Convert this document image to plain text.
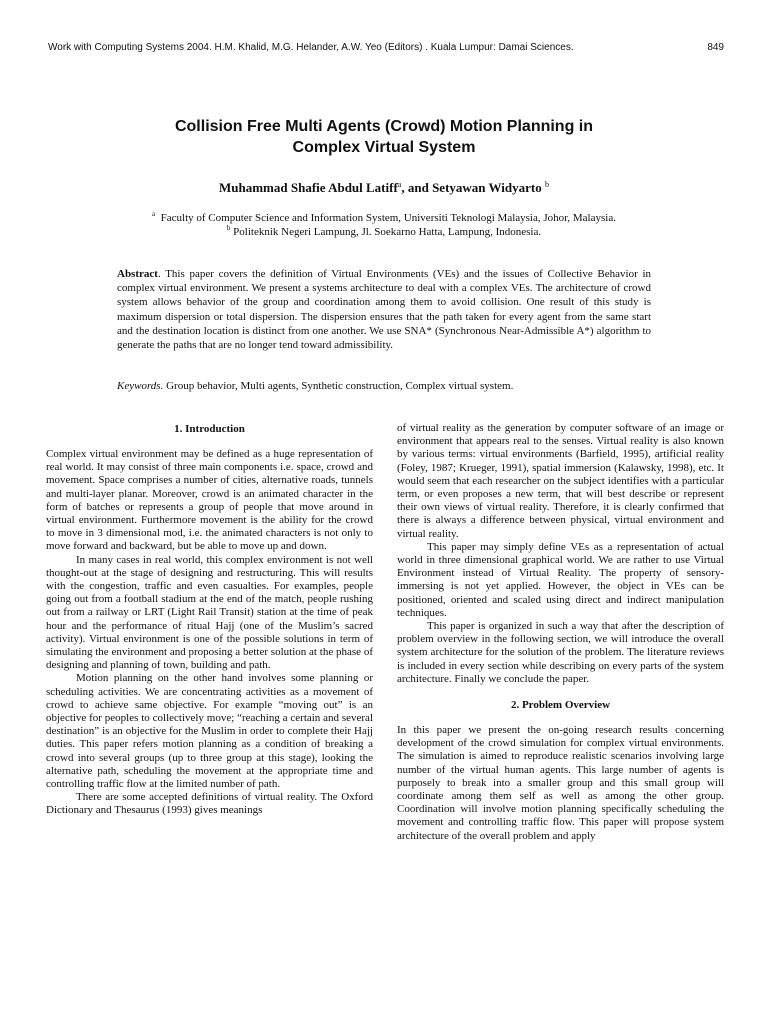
Work with Computing Systems 2004. H.M. Khalid, M.G. Helander, A.W. Yeo (Editors) . Kuala Lumpur: Damai Sciences.	849
Collision Free Multi Agents (Crowd) Motion Planning in
Complex Virtual System
Muhammad Shafie Abdul Latiff$^a$, and Setyawan Widyarto $^b$
$^a$ Faculty of Computer Science and Information System, Universiti Teknologi Malaysia, Johor, Malaysia.
$^b$ Politeknik Negeri Lampung, Jl. Soekarno Hatta, Lampung, Indonesia.
Abstract. This paper covers the definition of Virtual Environments (VEs) and the issues of Collective Behavior in complex virtual environment. We present a systems architecture to deal with a complex VEs. The architecture of crowd system allows behavior of the group and coordination among them to avoid collision. One result of this study is maximum dispersion or total dispersion. The dispersion ensures that the path taken for every agent from the same start and the destination location is distinct from one another. We use SNA* (Synchronous Near-Admissible A*) algorithm to generate the paths that are no longer tend toward admissibility.
Keywords. Group behavior, Multi agents, Synthetic construction, Complex virtual system.
1. Introduction

Complex virtual environment may be defined as a huge representation of real world. It may consist of three main components i.e. space, crowd and movement. Space comprises a number of cities, alternative roads, tunnels and multi-layer planar. Moreover, crowd is an animated character in the form of batches or represents a group of people that move around in virtual environment. Furthermore movement is the ability for the crowd to move in 3 dimensional mod, i.e. the animated characters is not only to move forward and backward, but be able to move up and down.

In many cases in real world, this complex environment is not well thought-out at the stage of designing and restructuring. This will results with the congestion, traffic and even casualties. For examples, people going out from a football stadium at the end of the match, people rushing out from a railway or LRT (Light Rail Transit) station at the time of peak hour and the performance of ritual Hajj (one of the Muslim’s sacred activity). Virtual environment is one of the possible solutions in term of simulating the environment and proposing a better solution at the phase of designing and planning of town, building and path.

Motion planning on the other hand involves some planning or scheduling activities. We are concentrating activities as a movement of crowd to achieve same objective. For example “moving out” is an objective for peoples to collectively move; “reaching a certain and several destination” is an objective for the Muslim in order to complete their Hajj duties. This paper refers motion planning as a condition of breaking a crowd into several groups (up to three group at this stage), looking the alternative path, scheduling the movement at the appropriate time and controlling traffic flow at the limited number of path.

There are some accepted definitions of virtual reality. The Oxford Dictionary and Thesaurus (1993) gives meanings

of virtual reality as the generation by computer software of an image or environment that appears real to the senses. Virtual reality is also known by various terms: virtual environments (Barfield, 1995), artificial reality (Foley, 1987; Krueger, 1991), spatial immersion (Kalawsky, 1998), etc. It would seem that each researcher on the subject identifies with a particular term, or even proposes a new term, that will best describe or represent their own views of virtual reality. Therefore, it is clearly confirmed that there is always a difference between physical, virtual environment and virtual reality.

This paper may simply define VEs as a representation of actual world in three dimensional graphical world. We are rather to use Virtual Environment instead of Virtual Reality. The property of sensory-immersing is not yet applied. However, the object in VEs can be positioned, oriented and scaled using direct and indirect manipulation techniques.

This paper is organized in such a way that after the description of problem overview in the following section, we will introduce the overall system architecture for the solution of the problem. The literature reviews is included in every section while describing on every parts of the system architecture. Finally we conclude the paper.

2. Problem Overview

In this paper we present the on-going research results concerning development of the crowd simulation for complex virtual environments. The simulation is aimed to reproduce realistic scenarios involving large number of the virtual human agents. This large number of agents is purposely to break into a smaller group and this small group will coordinate among them self as well as among the other group. Coordination will involve motion planning specifically scheduling the movement and controlling traffic flow. This paper will propose system architecture of the overall problem and apply
